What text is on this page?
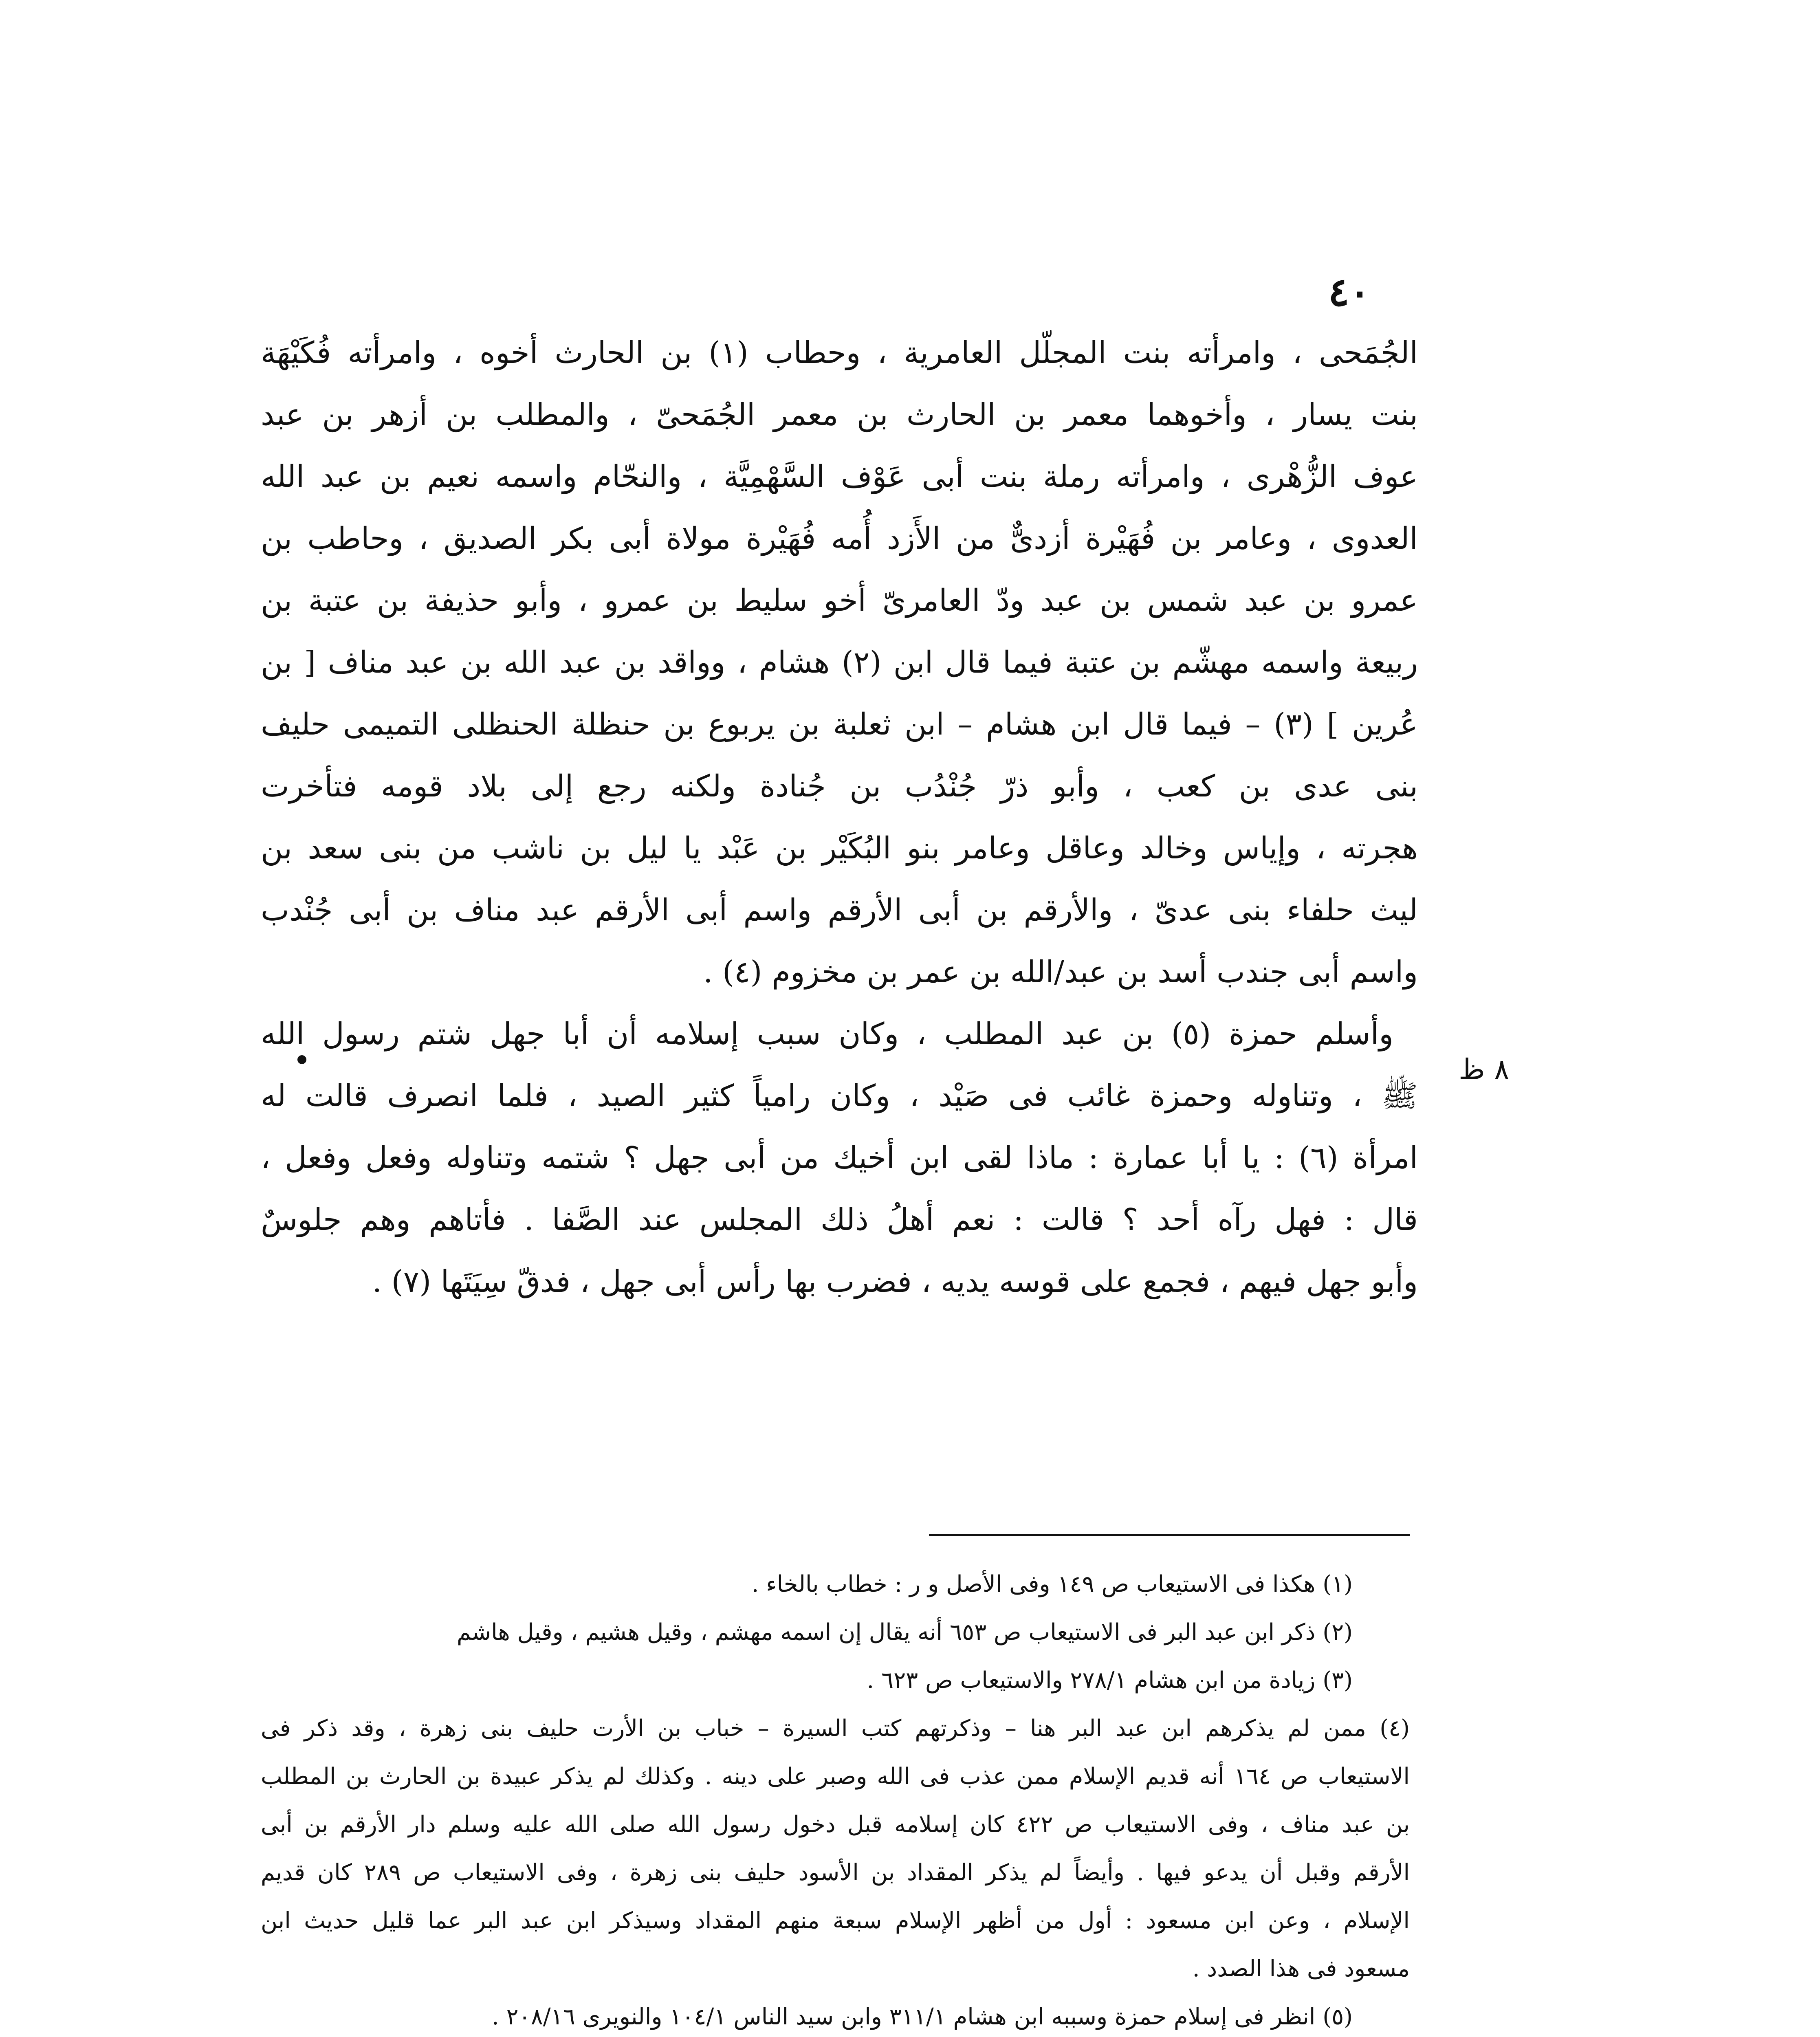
٤٠
الجُمَحى ، وامرأته بنت المجلّل العامرية ، وحطاب (١) بن الحارث أخوه ، وامرأته فُكَيْهَة
بنت يسار ، وأخوهما معمر بن الحارث بن معمر الجُمَحىّ ، والمطلب بن أزهر بن عبد
عوف الزُّهْرى ، وامرأته رملة بنت أبى عَوْف السَّهْمِيَّة ، والنحّام واسمه نعيم بن عبد الله
العدوى ، وعامر بن فُهَيْرة أزدىٌّ من الأَزد أُمه فُهَيْرة مولاة أبى بكر الصديق ، وحاطب بن
عمرو بن عبد شمس بن عبد ودّ العامرىّ أخو سليط بن عمرو ، وأبو حذيفة بن عتبة بن
ربيعة واسمه مهشّم بن عتبة فيما قال ابن (٢) هشام ، وواقد بن عبد الله بن عبد مناف [ بن
عُرين ] (٣) – فيما قال ابن هشام – ابن ثعلبة بن يربوع بن حنظلة الحنظلى التميمى حليف
بنى عدى بن كعب ، وأبو ذرّ جُنْدُب بن جُنادة ولكنه رجع إلى بلاد قومه فتأخرت
هجرته ، وإياس وخالد وعاقل وعامر بنو البُكَيْر بن عَبْد يا ليل بن ناشب من بنى سعد بن
ليث حلفاء بنى عدىّ ، والأرقم بن أبى الأرقم واسم أبى الأرقم عبد مناف بن أبى جُنْدب
واسم أبى جندب أسد بن عبد/الله بن عمر بن مخزوم (٤) .
وأسلم حمزة (٥) بن عبد المطلب ، وكان سبب إسلامه أن أبا جهل شتم رسول الله
ﷺ ، وتناوله وحمزة غائب فى صَيْد ، وكان رامياً كثير الصيد ، فلما انصرف قالت له
امرأة (٦) : يا أبا عمارة : ماذا لقى ابن أخيك من أبى جهل ؟ شتمه وتناوله وفعل وفعل ،
قال : فهل رآه أحد ؟ قالت : نعم أهلُ ذلك المجلس عند الصَّفا . فأتاهم وهم جلوسٌ
وأبو جهل فيهم ، فجمع على قوسه يديه ، فضرب بها رأس أبى جهل ، فدقّ سِيَتَها (٧) .
٨ ظ
(١) هكذا فى الاستيعاب ص ١٤٩ وفى الأصل و ر : خطاب بالخاء .
(٢) ذكر ابن عبد البر فى الاستيعاب ص ٦٥٣ أنه يقال إن اسمه مهشم ، وقيل هشيم ، وقيل هاشم
(٣) زيادة من ابن هشام ٢٧٨/١ والاستيعاب ص ٦٢٣ .
(٤) ممن لم يذكرهم ابن عبد البر هنا – وذكرتهم كتب السيرة – خباب بن الأرت حليف بنى زهرة ، وقد ذكر فى
الاستيعاب ص ١٦٤ أنه قديم الإسلام ممن عذب فى الله وصبر على دينه . وكذلك لم يذكر عبيدة بن الحارث بن المطلب
بن عبد مناف ، وفى الاستيعاب ص ٤٢٢ كان إسلامه قبل دخول رسول الله صلى الله عليه وسلم دار الأرقم بن أبى
الأرقم وقبل أن يدعو فيها . وأيضاً لم يذكر المقداد بن الأسود حليف بنى زهرة ، وفى الاستيعاب ص ٢٨٩ كان قديم
الإسلام ، وعن ابن مسعود : أول من أظهر الإسلام سبعة منهم المقداد وسيذكر ابن عبد البر عما قليل حديث ابن
مسعود فى هذا الصدد .
(٥) انظر فى إسلام حمزة وسببه ابن هشام ٣١١/١ وابن سيد الناس ١٠٤/١ والنويرى ٢٠٨/١٦ .
